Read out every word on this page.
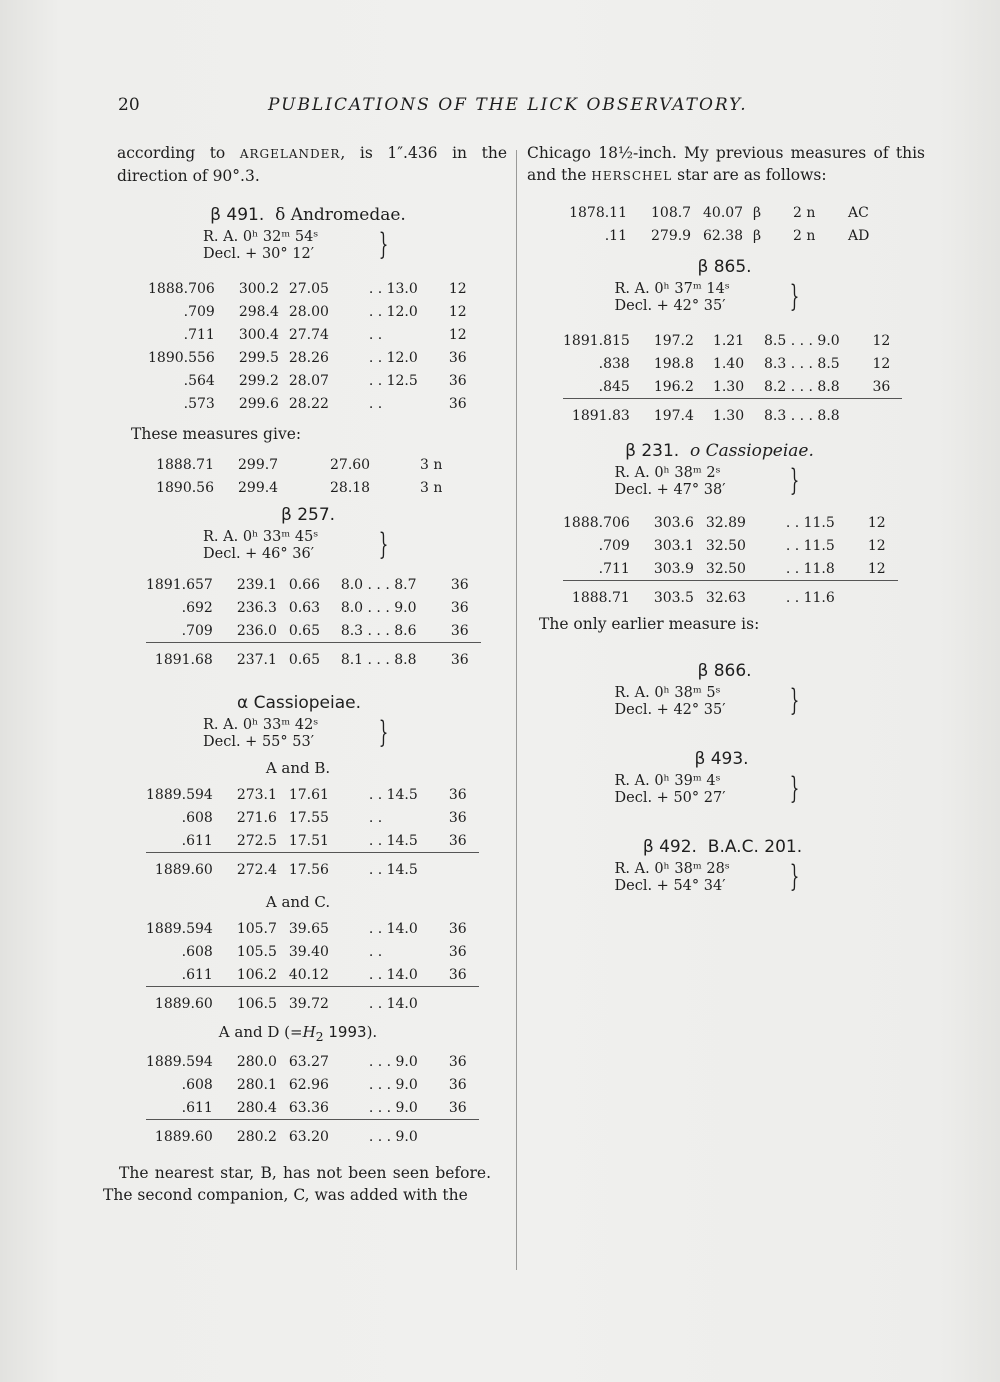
20	PUBLICATIONS OF THE LICK OBSERVATORY.
according to ARGELANDER, is 1″.436 in the direction of 90°.3.
β 491. δ Andromedae.
R. A. 0ʰ 32ᵐ 54ˢ
Decl. + 30° 12′	}
1888.706	300.2	27.05	. . 13.0	12
.709	298.4	28.00	. . 12.0	12
.711	300.4	27.74	. .	12
1890.556	299.5	28.26	. . 12.0	36
.564	299.2	28.07	. . 12.5	36
.573	299.6	28.22	. .	36
These measures give:
1888.71	299.7	27.60	3 n
1890.56	299.4	28.18	3 n
β 257.
R. A. 0ʰ 33ᵐ 45ˢ
Decl. + 46° 36′	}
1891.657	239.1	0.66	8.0 . . . 8.7	36
.692	236.3	0.63	8.0 . . . 9.0	36
.709	236.0	0.65	8.3 . . . 8.6	36
1891.68	237.1	0.65	8.1 . . . 8.8	36
α Cassiopeiae.
R. A. 0ʰ 33ᵐ 42ˢ
Decl. + 55° 53′	}
A and B.
1889.594	273.1	17.61	. . 14.5	36
.608	271.6	17.55	. .	36
.611	272.5	17.51	. . 14.5	36
1889.60	272.4	17.56	. . 14.5	
A and C.
1889.594	105.7	39.65	. . 14.0	36
.608	105.5	39.40	. .	36
.611	106.2	40.12	. . 14.0	36
1889.60	106.5	39.72	. . 14.0	
A and D ($=H_2$ 1993).
1889.594	280.0	63.27	. . . 9.0	36
.608	280.1	62.96	. . . 9.0	36
.611	280.4	63.36	. . . 9.0	36
1889.60	280.2	63.20	. . . 9.0	
The nearest star, B, has not been seen before. The second companion, C, was added with the
Chicago 18½-inch. My previous measures of this and the HERSCHEL star are as follows:
1878.11	108.7	40.07	β	2 n	AC
.11	279.9	62.38	β	2 n	AD
β 865.
R. A. 0ʰ 37ᵐ 14ˢ
Decl. + 42° 35′	}
1891.815	197.2	1.21	8.5 . . . 9.0	12
.838	198.8	1.40	8.3 . . . 8.5	12
.845	196.2	1.30	8.2 . . . 8.8	36
1891.83	197.4	1.30	8.3 . . . 8.8	
β 231. o Cassiopeiae.
R. A. 0ʰ 38ᵐ 2ˢ
Decl. + 47° 38′	}
1888.706	303.6	32.89	. . 11.5	12
.709	303.1	32.50	. . 11.5	12
.711	303.9	32.50	. . 11.8	12
1888.71	303.5	32.63	. . 11.6	
The only earlier measure is:
β 866.
R. A. 0ʰ 38ᵐ 5ˢ
Decl. + 42° 35′	}
β 493.
R. A. 0ʰ 39ᵐ 4ˢ
Decl. + 50° 27′	}
β 492. B.A.C. 201.
R. A. 0ʰ 38ᵐ 28ˢ
Decl. + 54° 34′	}
